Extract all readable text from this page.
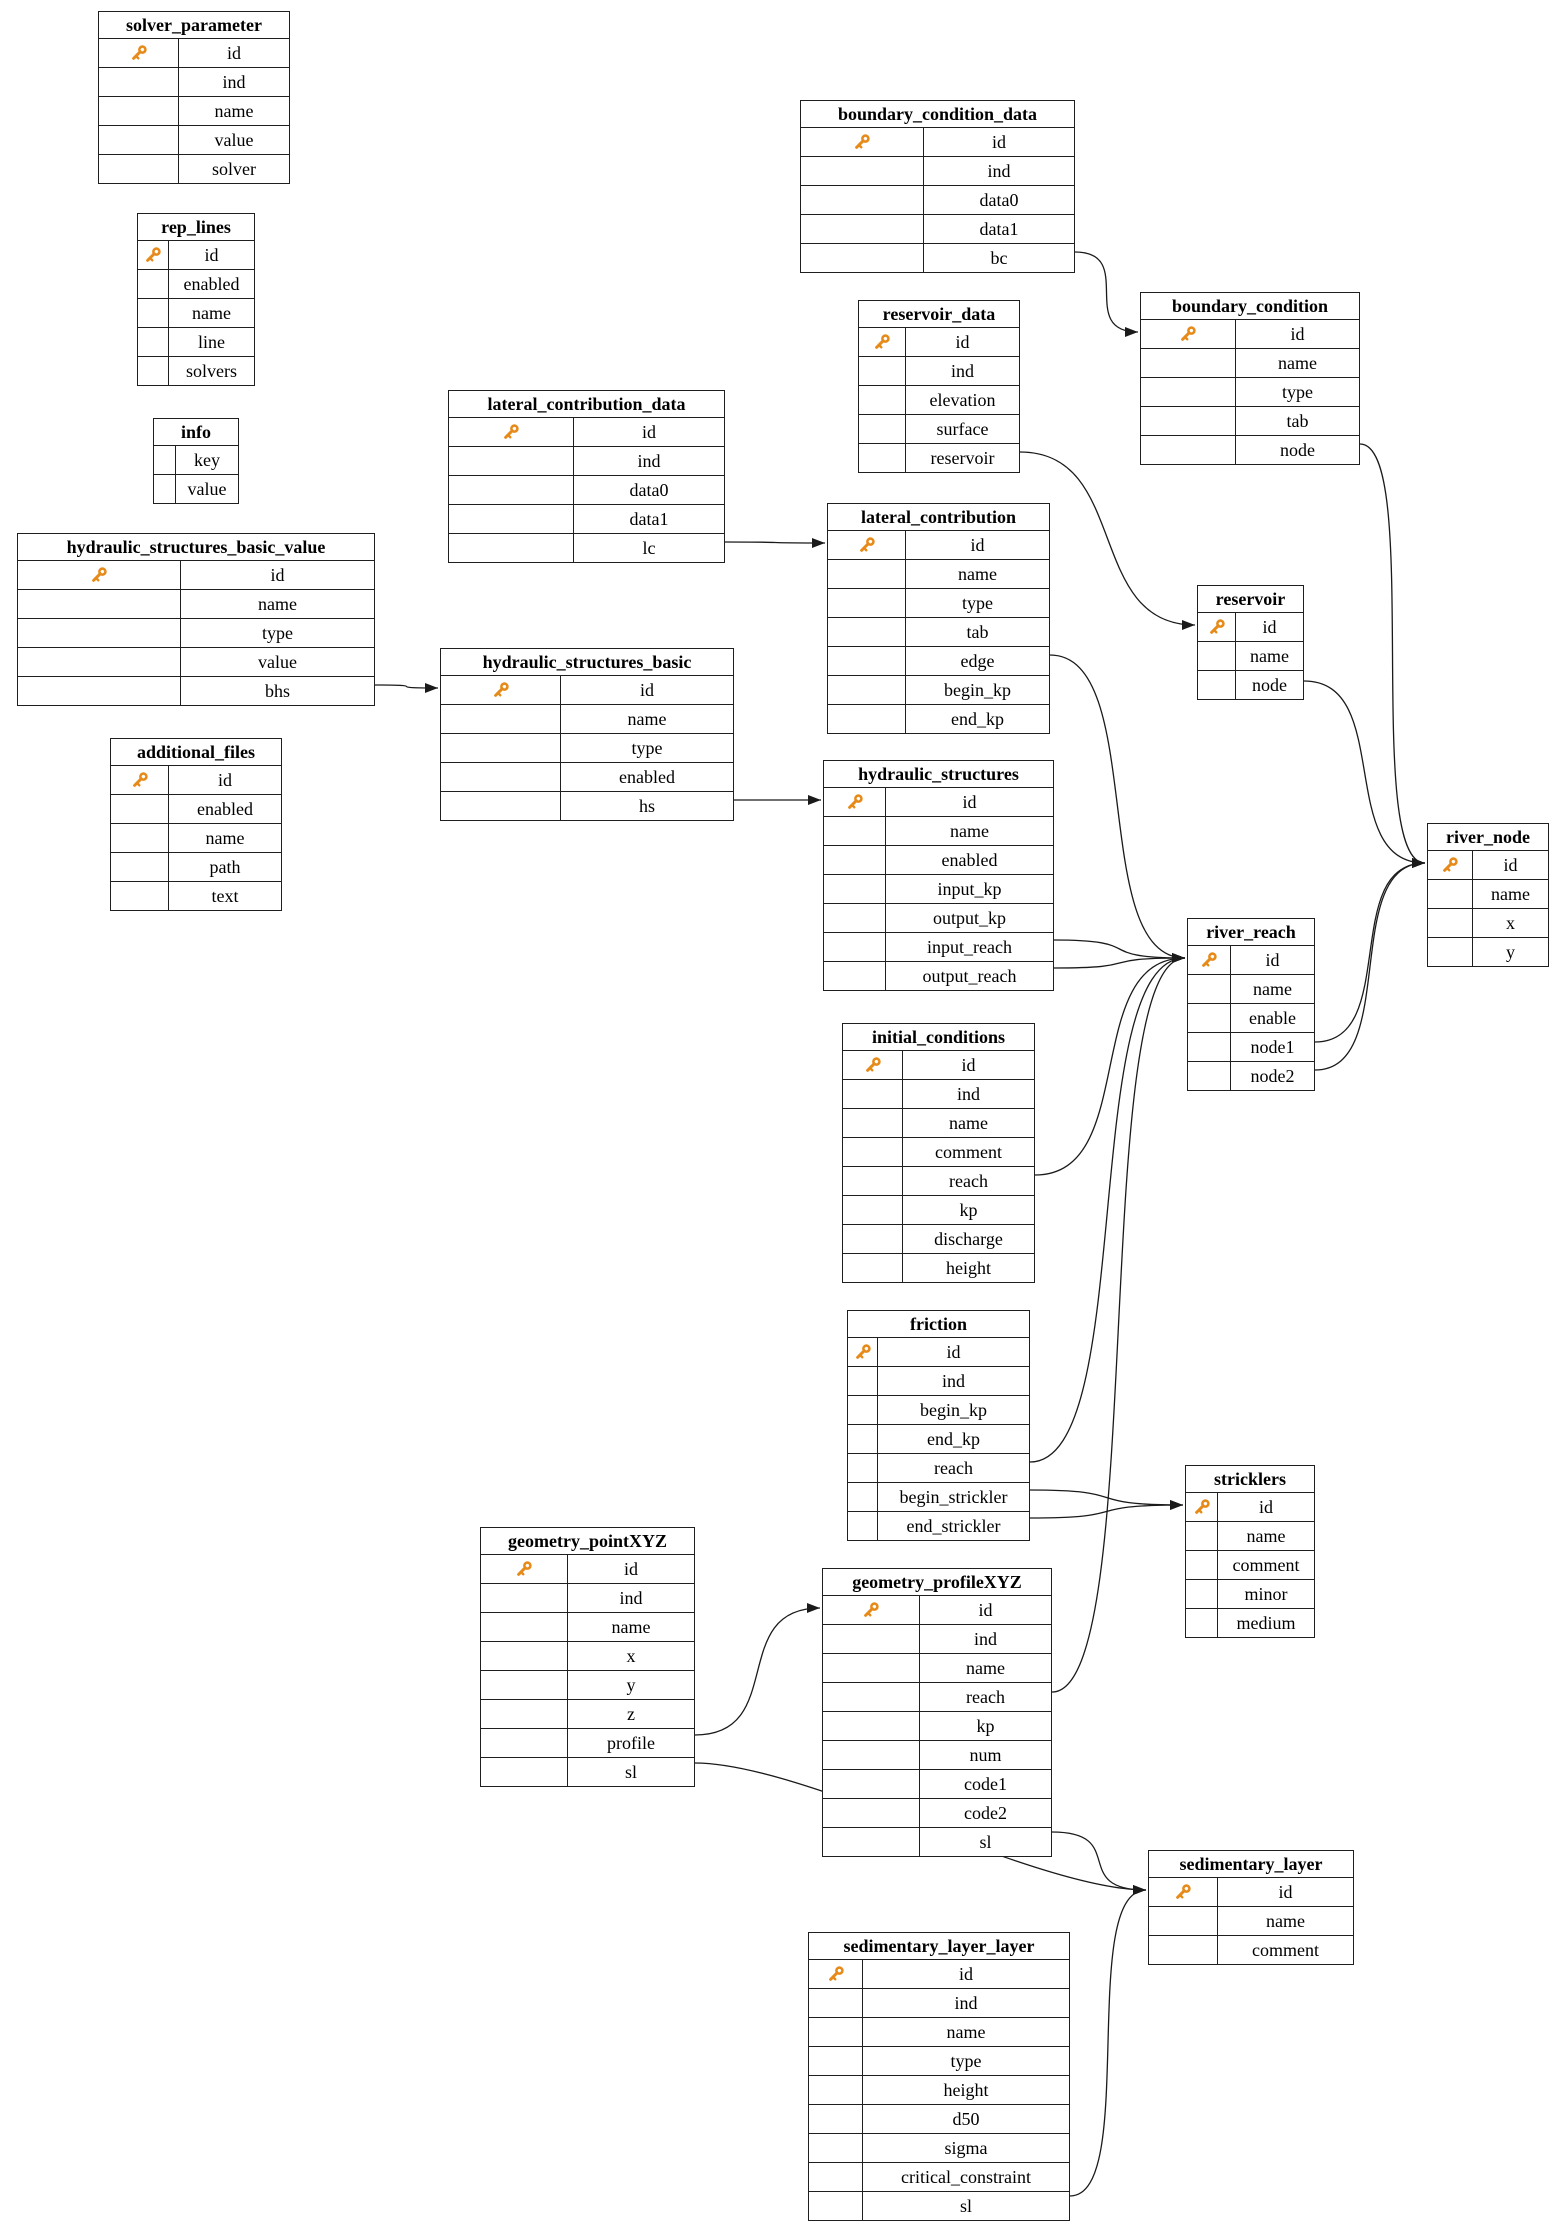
solver_parameter
id
ind
name
value
solver
rep_lines
id
enabled
name
line
solvers
info
key
value
hydraulic_structures_basic_value
id
name
type
value
bhs
additional_files
id
enabled
name
path
text
lateral_contribution_data
id
ind
data0
data1
lc
hydraulic_structures_basic
id
name
type
enabled
hs
boundary_condition_data
id
ind
data0
data1
bc
reservoir_data
id
ind
elevation
surface
reservoir
lateral_contribution
id
name
type
tab
edge
begin_kp
end_kp
hydraulic_structures
id
name
enabled
input_kp
output_kp
input_reach
output_reach
initial_conditions
id
ind
name
comment
reach
kp
discharge
height
friction
id
ind
begin_kp
end_kp
reach
begin_strickler
end_strickler
geometry_pointXYZ
id
ind
name
x
y
z
profile
sl
geometry_profileXYZ
id
ind
name
reach
kp
num
code1
code2
sl
sedimentary_layer_layer
id
ind
name
type
height
d50
sigma
critical_constraint
sl
boundary_condition
id
name
type
tab
node
reservoir
id
name
node
river_reach
id
name
enable
node1
node2
stricklers
id
name
comment
minor
medium
sedimentary_layer
id
name
comment
river_node
id
name
x
y
